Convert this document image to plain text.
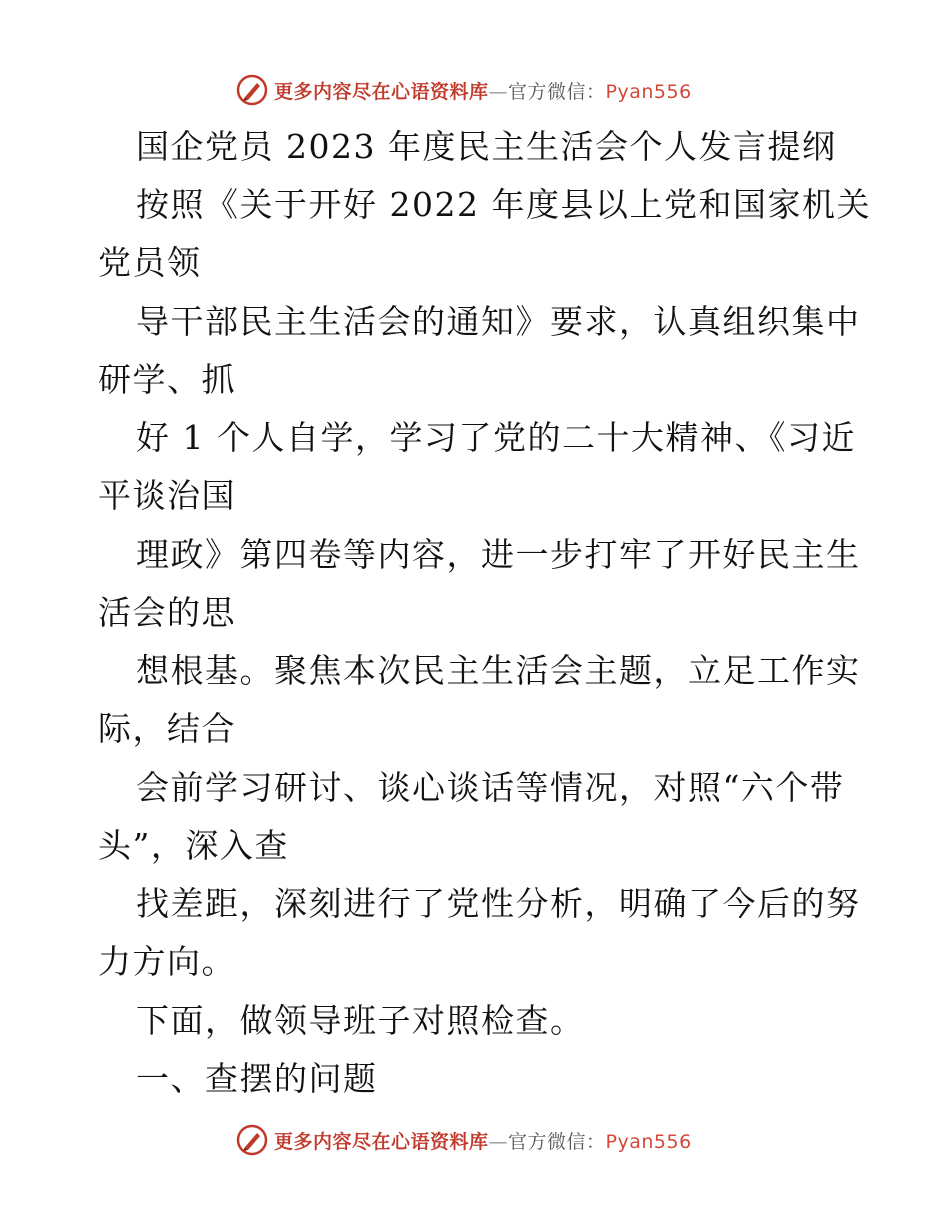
更多内容尽在心语资料库—官方微信：Pyan556
国企党员 2023 年度民主生活会个人发言提纲
按照《关于开好 2022 年度县以上党和国家机关
党员领
导干部民主生活会的通知》要求，认真组织集中
研学、抓
好 1 个人自学，学习了党的二十大精神、《习近
平谈治国
理政》第四卷等内容，进一步打牢了开好民主生
活会的思
想根基。聚焦本次民主生活会主题，立足工作实
际，结合
会前学习研讨、谈心谈话等情况，对照“六个带
头”，深入查
找差距，深刻进行了党性分析，明确了今后的努
力方向。
下面，做领导班子对照检查。
一、查摆的问题
更多内容尽在心语资料库—官方微信：Pyan556
